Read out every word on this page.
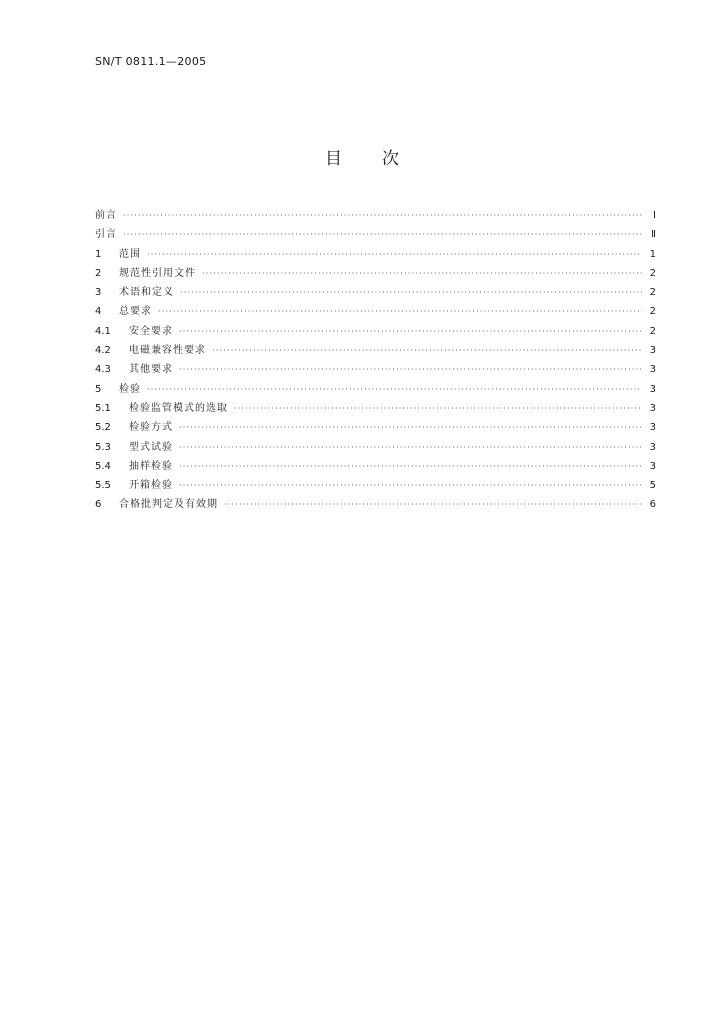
SN/T 0811.1—2005
目 次
前言 ·····	Ⅰ
引言 ·····	Ⅱ
1	范围 ·····	1
2	规范性引用文件 ·····	2
3	术语和定义 ·····	2
4	总要求 ·····	2
4.1	安全要求 ·····	2
4.2	电磁兼容性要求 ·····	3
4.3	其他要求 ·····	3
5	检验 ·····	3
5.1	检验监管模式的选取 ·····	3
5.2	检验方式 ·····	3
5.3	型式试验 ·····	3
5.4	抽样检验 ·····	3
5.5	开箱检验 ·····	5
6	合格批判定及有效期 ·····	6
